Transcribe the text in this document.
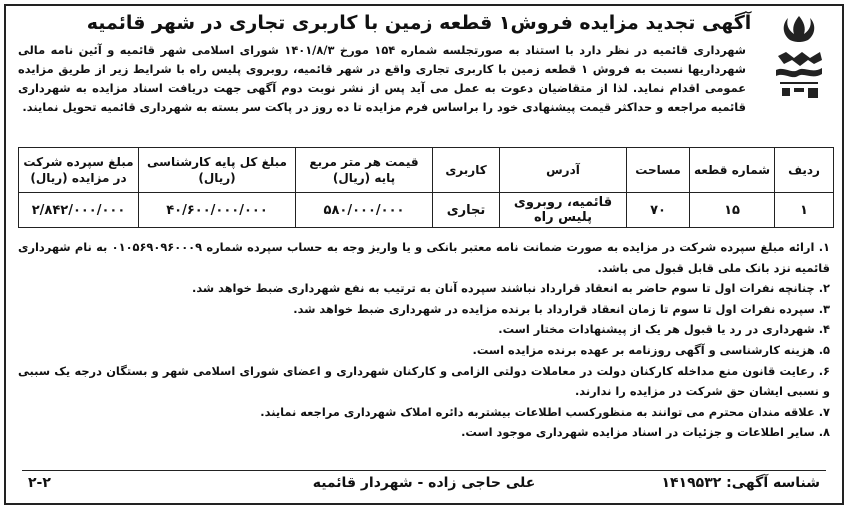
آگهی تجدید مزایده فروش۱ قطعه زمین با کاربری تجاری در شهر قائمیه

شهرداری قائمیه در نظر دارد با استناد به صورتجلسه شماره ۱۵۴ مورخ ۱۴۰۱/۸/۳ شورای اسلامی شهر قائمیه و آئین نامه مالی شهرداریها نسبت به فروش ۱ قطعه زمین با کاربری تجاری واقع در شهر قائمیه، روبروی پلیس راه با شرایط زیر از طریق مزایده عمومی اقدام نماید. لذا از متقاضیان دعوت به عمل می آید پس از نشر نوبت دوم آگهی جهت دریافت اسناد مزایده به شهرداری قائمیه مراجعه و حداکثر قیمت پیشنهادی خود را براساس فرم مزایده تا ده روز در پاکت سر بسته به شهرداری قائمیه تحویل نمایند.

ردیف	شماره قطعه	مساحت	آدرس	کاربری	قیمت هر متر مربع پایه (ریال)	مبلغ کل پایه کارشناسی (ریال)	مبلغ سپرده شرکت در مزایده (ریال)
۱	۱۵	۷۰	قائمیه، روبروی پلیس راه	تجاری	۵۸۰/۰۰۰/۰۰۰	۴۰/۶۰۰/۰۰۰/۰۰۰	۲/۸۴۲/۰۰۰/۰۰۰
۱. ارائه مبلغ سپرده شرکت در مزایده به صورت ضمانت نامه معتبر بانکی و یا واریز وجه به حساب سپرده شماره ۰۱۰۵۶۹۰۹۶۰۰۰۹ به نام شهرداری قائمیه نزد بانک ملی قابل قبول می باشد.
۲. چنانچه نفرات اول تا سوم حاضر به انعقاد قرارداد نباشند سپرده آنان به ترتیب به نفع شهرداری ضبط خواهد شد.
۳. سپرده نفرات اول تا سوم تا زمان انعقاد قرارداد با برنده مزایده در شهرداری ضبط خواهد شد.
۴. شهرداری در رد یا قبول هر یک از پیشنهادات مختار است.
۵. هزینه کارشناسی و آگهی روزنامه بر عهده برنده مزایده است.
۶. رعایت قانون منع مداخله کارکنان دولت در معاملات دولتی الزامی و کارکنان شهرداری و اعضای شورای اسلامی شهر و بستگان درجه یک سببی و نسبی ایشان حق شرکت در مزایده را ندارند.
۷. علاقه مندان محترم می توانند به منظورکسب اطلاعات بیشتربه دائره املاک شهرداری مراجعه نمایند.
۸. سایر اطلاعات و جزئیات در اسناد مزایده شهرداری موجود است.
شناسه آگهی: ۱۴۱۹۵۳۲
علی حاجی زاده - شهردار قائمیه
۲-۲
